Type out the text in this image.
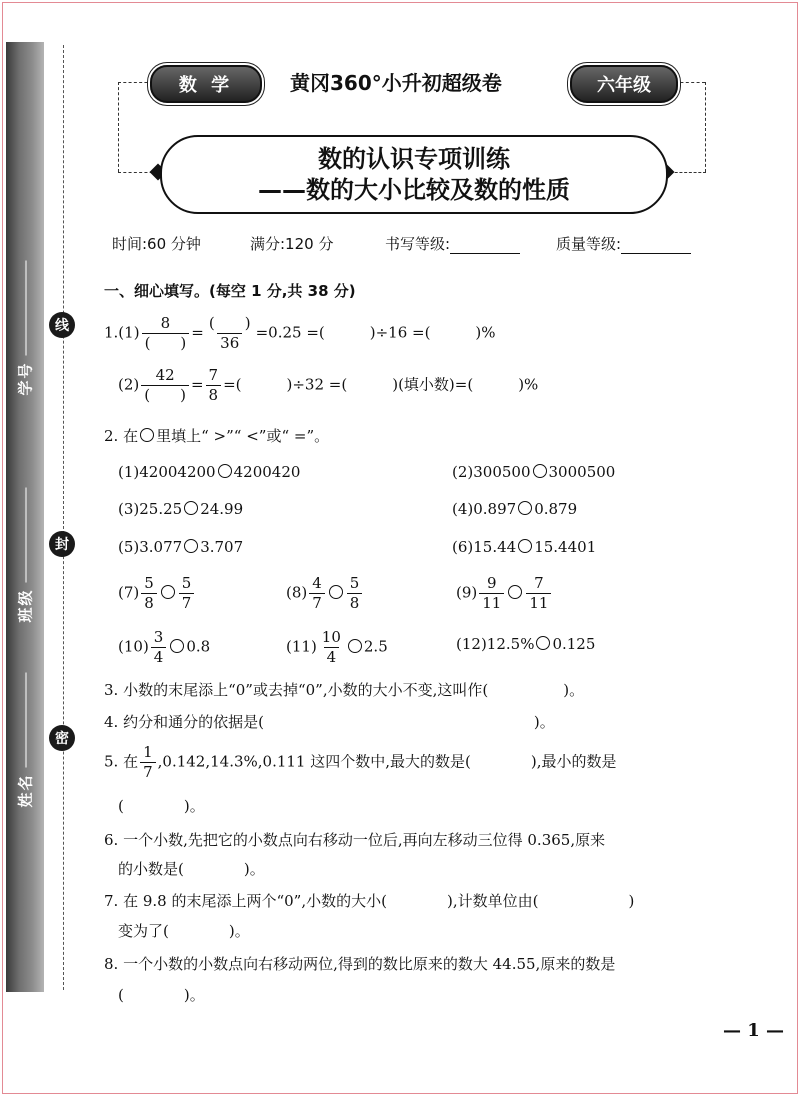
学号
班级
姓名
线
封
密
数 学	黄冈360°小升初超级卷	六年级
数的认识专项训练
——数的大小比较及数的性质
时间:60 分钟	满分:120 分	书写等级:	质量等级:
一、细心填写。(每空 1 分,共 38 分)
$1.(1) \frac{8}{( )} = \frac{( )}{36} =0.25$ =(　　　)÷16 =(　　　)%
$(2) \frac{42}{( )} = \frac{7}{8}$ =(　　　)÷32 =(　　　)(填小数)=(　　　)%
2. 在 里填上“ >”“ <”或“ =”。
(1)42004200 4200420	(2)300500 3000500
(3)25.25 24.99	(4)0.897 0.879
(5)3.077 3.707	(6)15.44 15.4401
$(7) \frac{5}{8} \frac{5}{7}$	$(8) \frac{4}{7} \frac{5}{8}$	$(9) \frac{9}{11} \frac{7}{11}$
$(10) \frac{3}{4} 0.8$	$(11) \frac{10}{4} 2.5$	(12)12.5% 0.125
3. 小数的末尾添上“0”或去掉“0”,小数的大小不变,这叫作(　　　　　)。
4. 约分和通分的依据是(　　　　　　　　　　　　　　　　　　)。
5. 在 $\frac{1}{7} ,0.142,14.3\%,0.111$ 这四个数中,最大的数是(　　　　),最小的数是
(　　　　)。
6. 一个小数,先把它的小数点向右移动一位后,再向左移动三位得 0.365,原来
的小数是(　　　　)。
7. 在 9.8 的末尾添上两个“0”,小数的大小(　　　　),计数单位由(　　　　　　)
变为了(　　　　)。
8. 一个小数的小数点向右移动两位,得到的数比原来的数大 44.55,原来的数是
(　　　　)。
— 1 —
